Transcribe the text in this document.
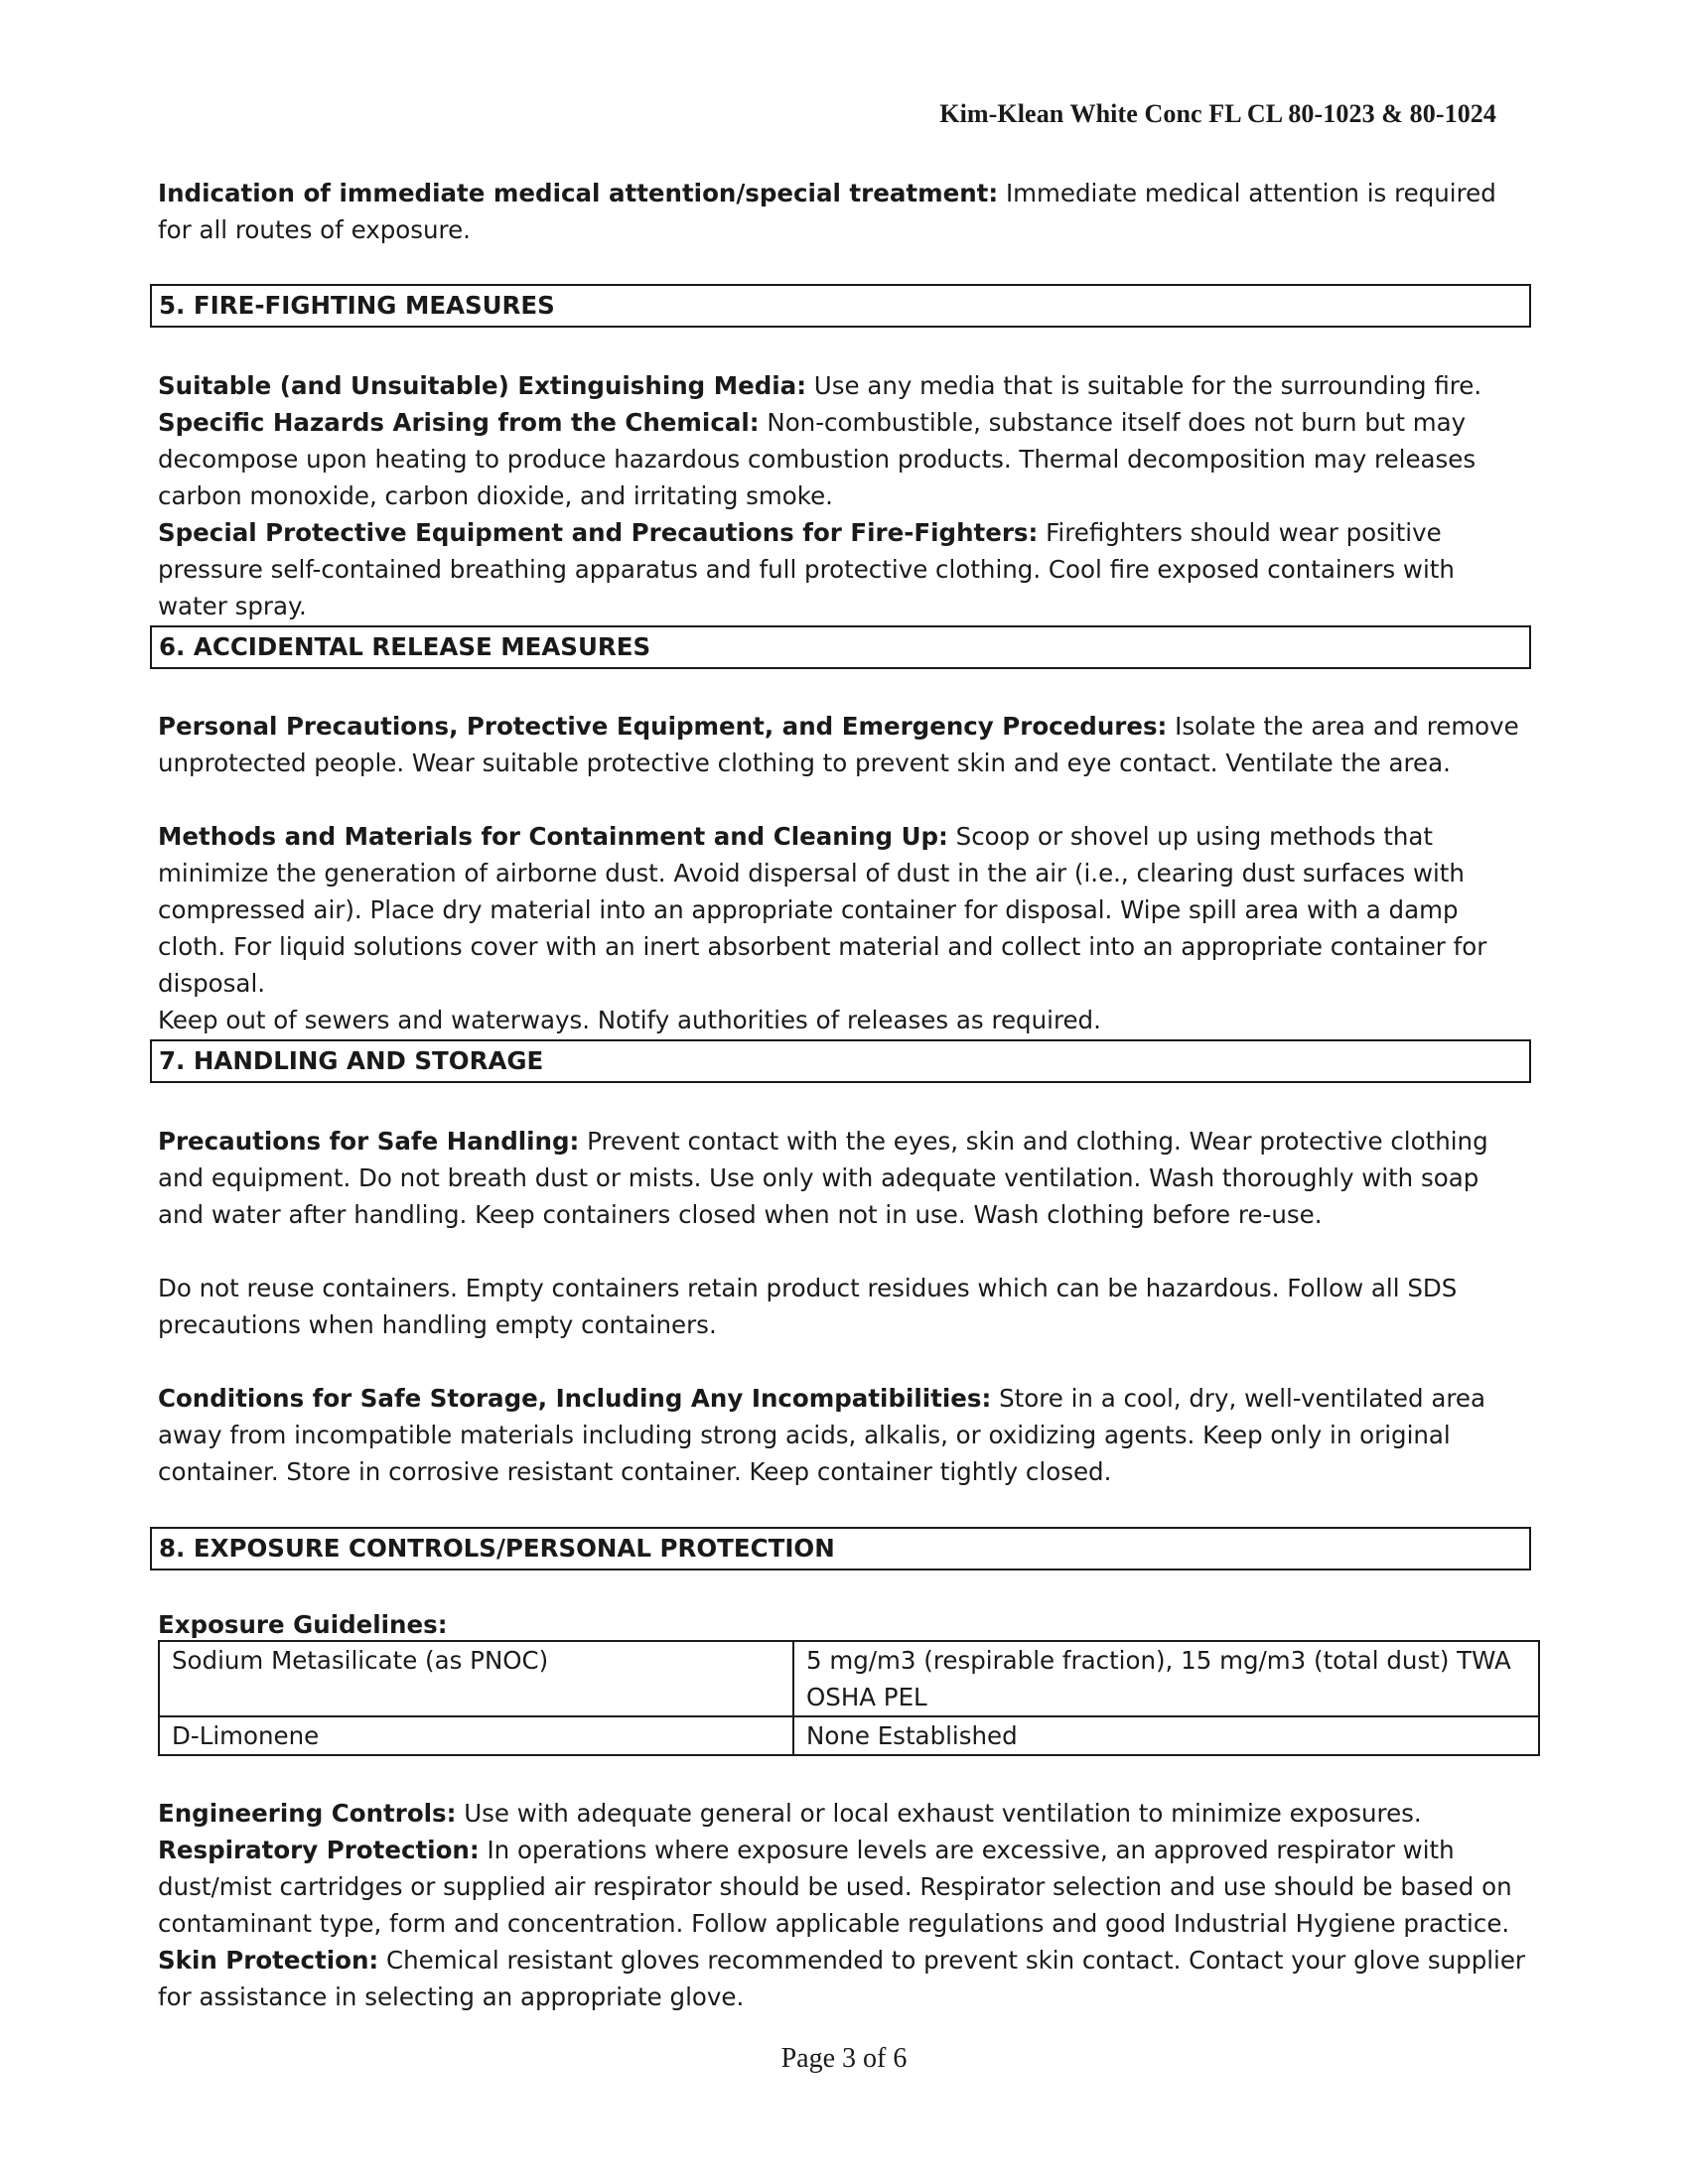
Kim-Klean White Conc FL CL 80-1023 & 80-1024

Indication of immediate medical attention/special treatment: Immediate medical attention is required for all routes of exposure.

5. FIRE-FIGHTING MEASURES

Suitable (and Unsuitable) Extinguishing Media: Use any media that is suitable for the surrounding fire.
Specific Hazards Arising from the Chemical: Non-combustible, substance itself does not burn but may decompose upon heating to produce hazardous combustion products. Thermal decomposition may releases carbon monoxide, carbon dioxide, and irritating smoke.
Special Protective Equipment and Precautions for Fire-Fighters: Firefighters should wear positive pressure self-contained breathing apparatus and full protective clothing. Cool fire exposed containers with water spray.

6. ACCIDENTAL RELEASE MEASURES

Personal Precautions, Protective Equipment, and Emergency Procedures: Isolate the area and remove unprotected people. Wear suitable protective clothing to prevent skin and eye contact. Ventilate the area.

Methods and Materials for Containment and Cleaning Up: Scoop or shovel up using methods that minimize the generation of airborne dust. Avoid dispersal of dust in the air (i.e., clearing dust surfaces with compressed air). Place dry material into an appropriate container for disposal. Wipe spill area with a damp cloth. For liquid solutions cover with an inert absorbent material and collect into an appropriate container for disposal.
Keep out of sewers and waterways. Notify authorities of releases as required.

7. HANDLING AND STORAGE

Precautions for Safe Handling: Prevent contact with the eyes, skin and clothing. Wear protective clothing and equipment. Do not breath dust or mists. Use only with adequate ventilation. Wash thoroughly with soap and water after handling. Keep containers closed when not in use. Wash clothing before re-use.

Do not reuse containers. Empty containers retain product residues which can be hazardous. Follow all SDS precautions when handling empty containers.

Conditions for Safe Storage, Including Any Incompatibilities: Store in a cool, dry, well-ventilated area away from incompatible materials including strong acids, alkalis, or oxidizing agents. Keep only in original container. Store in corrosive resistant container. Keep container tightly closed.

8. EXPOSURE CONTROLS/PERSONAL PROTECTION

Exposure Guidelines:

Sodium Metasilicate (as PNOC)	5 mg/m3 (respirable fraction), 15 mg/m3 (total dust) TWA OSHA PEL
D-Limonene	None Established

Engineering Controls: Use with adequate general or local exhaust ventilation to minimize exposures.
Respiratory Protection: In operations where exposure levels are excessive, an approved respirator with dust/mist cartridges or supplied air respirator should be used. Respirator selection and use should be based on contaminant type, form and concentration. Follow applicable regulations and good Industrial Hygiene practice.
Skin Protection: Chemical resistant gloves recommended to prevent skin contact. Contact your glove supplier for assistance in selecting an appropriate glove.

Page 3 of 6
